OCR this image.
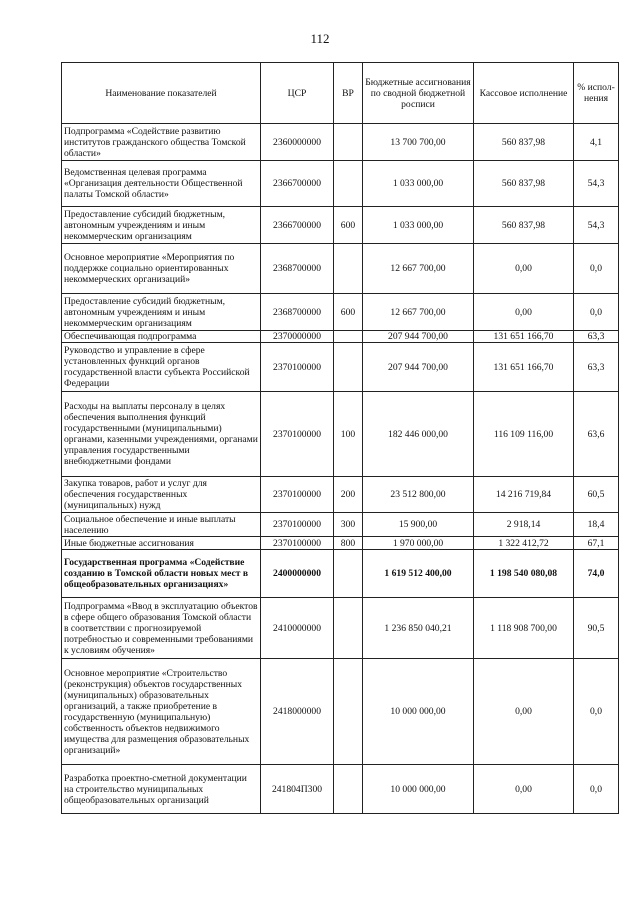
112
Наименование показателей	ЦСР	ВР	Бюджетные ассигнования по сводной бюджетной росписи	Кассовое исполнение	% испол- нения
Подпрограмма «Содействие развитию институтов гражданского общества Томской области»	2360000000		13 700 700,00	560 837,98	4,1
Ведомственная целевая программа «Организация деятельности Общественной палаты Томской области»	2366700000		1 033 000,00	560 837,98	54,3
Предоставление субсидий бюджетным, автономным учреждениям и иным некоммерческим организациям	2366700000	600	1 033 000,00	560 837,98	54,3
Основное мероприятие «Мероприятия по поддержке социально ориентированных некоммерческих организаций»	2368700000		12 667 700,00	0,00	0,0
Предоставление субсидий бюджетным, автономным учреждениям и иным некоммерческим организациям	2368700000	600	12 667 700,00	0,00	0,0
Обеспечивающая подпрограмма	2370000000		207 944 700,00	131 651 166,70	63,3
Руководство и управление в сфере установленных функций органов государственной власти субъекта Российской Федерации	2370100000		207 944 700,00	131 651 166,70	63,3
Расходы на выплаты персоналу в целях обеспечения выполнения функций государственными (муниципальными) органами, казенными учреждениями, органами управления государственными внебюджетными фондами	2370100000	100	182 446 000,00	116 109 116,00	63,6
Закупка товаров, работ и услуг для обеспечения государственных (муниципальных) нужд	2370100000	200	23 512 800,00	14 216 719,84	60,5
Социальное обеспечение и иные выплаты населению	2370100000	300	15 900,00	2 918,14	18,4
Иные бюджетные ассигнования	2370100000	800	1 970 000,00	1 322 412,72	67,1
Государственная программа «Содействие созданию в Томской области новых мест в общеобразовательных организациях»	2400000000		1 619 512 400,00	1 198 540 080,08	74,0
Подпрограмма «Ввод в эксплуатацию объектов в сфере общего образования Томской области в соответствии с прогнозируемой потребностью и современными требованиями к условиям обучения»	2410000000		1 236 850 040,21	1 118 908 700,00	90,5
Основное мероприятие «Строительство (реконструкция) объектов государственных (муниципальных) образовательных организаций, а также приобретение в государственную (муниципальную) собственность объектов недвижимого имущества для размещения образовательных организаций»	2418000000		10 000 000,00	0,00	0,0
Разработка проектно-сметной документации на строительство муниципальных общеобразовательных организаций	241804П300		10 000 000,00	0,00	0,0
